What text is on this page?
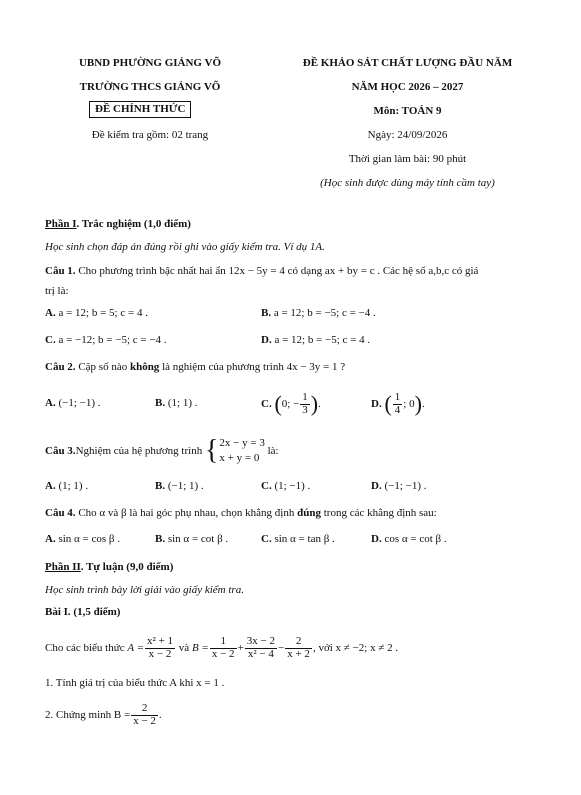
UBND PHƯỜNG GIẢNG VÕ
TRƯỜNG THCS GIẢNG VÕ
ĐỀ CHÍNH THỨC
Đề kiểm tra gồm: 02 trang
ĐỀ KHẢO SÁT CHẤT LƯỢNG ĐẦU NĂM
NĂM HỌC 2026 – 2027
Môn: TOÁN 9
Ngày: 24/09/2026
Thời gian làm bài: 90 phút
(Học sinh được dùng máy tính cầm tay)
Phần I. Trắc nghiệm (1,0 điểm)
Học sinh chọn đáp án đúng rồi ghi vào giấy kiểm tra. Ví dụ 1A.
Câu 1. Cho phương trình bậc nhất hai ẩn 12x − 5y = 4 có dạng ax + by = c . Các hệ số a,b,c có giá
trị là:
A. a = 12; b = 5; c = 4 .	B. a = 12; b = −5; c = −4 .
C. a = −12; b = −5; c = −4 .	D. a = 12; b = −5; c = 4 .
Câu 2. Cặp số nào không là nghiệm của phương trình 4x − 3y = 1 ?
A. (−1; −1) .	B. (1; 1) .	C.
( 0; − $\frac{1}{3}$ ) .	D.
( $\frac{1}{4}$ ; 0 ) .
Câu 3. Nghiệm của hệ phương trình
{ 2x − y = 3
x + y = 0

là:
A. (1; 1) .	B. (−1; 1) .	C. (1; −1) .	D. (−1; −1) .
Câu 4. Cho α và β là hai góc phụ nhau, chọn khẳng định đúng trong các khẳng định sau:
A. sin α = cos β .	B. sin α = cot β .	C. sin α = tan β .	D. cos α = cot β .
Phần II. Tự luận (9,0 điểm)
Học sinh trình bày lời giải vào giấy kiểm tra.
Bài I. (1,5 điểm)
Cho các biểu thức
$A = \frac{\text{x² + 1}}{x - 2}$
và
$B = \frac{1}{x - 2} + \frac{3x - 2}{\text{x² − 4}} - \frac{2}{x + 2}$ , với x ≠ −2; x ≠ 2 .
1. Tính giá trị của biểu thức A khi x = 1 .
2. Chứng minh $B = \frac{2}{x - 2}$ .
